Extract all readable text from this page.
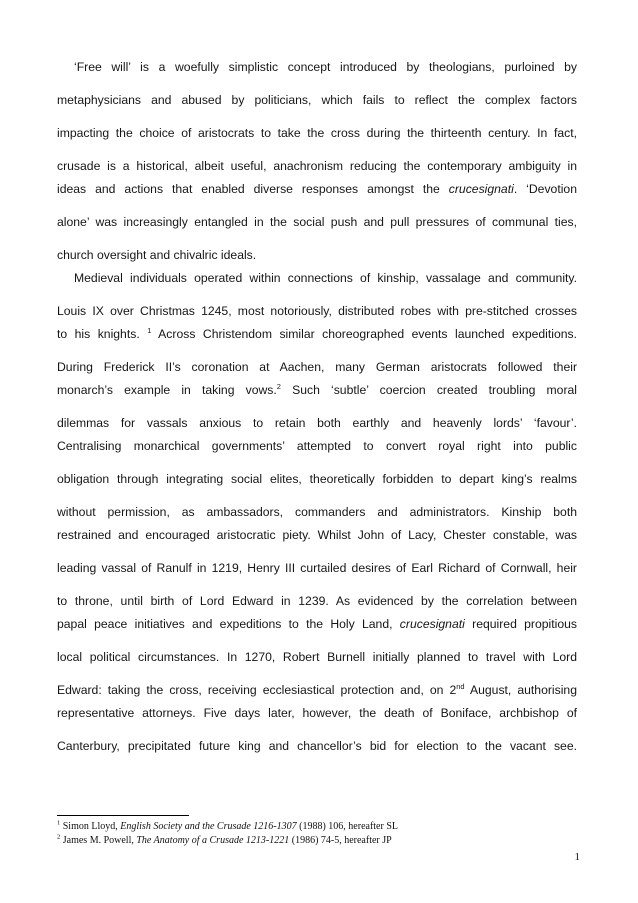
‘Free will’ is a woefully simplistic concept introduced by theologians, purloined by
metaphysicians and abused by politicians, which fails to reflect the complex factors
impacting the choice of aristocrats to take the cross during the thirteenth century. In fact,
crusade is a historical, albeit useful, anachronism reducing the contemporary ambiguity in
ideas and actions that enabled diverse responses amongst the crucesignati. ‘Devotion
alone’ was increasingly entangled in the social push and pull pressures of communal ties,
church oversight and chivalric ideals.
Medieval individuals operated within connections of kinship, vassalage and community.
Louis IX over Christmas 1245, most notoriously, distributed robes with pre-stitched crosses
to his knights. $^1$ Across Christendom similar choreographed events launched expeditions.
During Frederick II’s coronation at Aachen, many German aristocrats followed their
monarch’s example in taking vows.$^2$ Such ‘subtle’ coercion created troubling moral
dilemmas for vassals anxious to retain both earthly and heavenly lords’ ‘favour’.
Centralising monarchical governments’ attempted to convert royal right into public
obligation through integrating social elites, theoretically forbidden to depart king’s realms
without permission, as ambassadors, commanders and administrators. Kinship both
restrained and encouraged aristocratic piety. Whilst John of Lacy, Chester constable, was
leading vassal of Ranulf in 1219, Henry III curtailed desires of Earl Richard of Cornwall, heir
to throne, until birth of Lord Edward in 1239. As evidenced by the correlation between
papal peace initiatives and expeditions to the Holy Land, crucesignati required propitious
local political circumstances. In 1270, Robert Burnell initially planned to travel with Lord
Edward: taking the cross, receiving ecclesiastical protection and, on 2nd August, authorising
representative attorneys. Five days later, however, the death of Boniface, archbishop of
Canterbury, precipitated future king and chancellor’s bid for election to the vacant see.
$^1$ Simon Lloyd, English Society and the Crusade 1216-1307 (1988) 106, hereafter SL
$^2$ James M. Powell, The Anatomy of a Crusade 1213-1221 (1986) 74-5, hereafter JP
1
